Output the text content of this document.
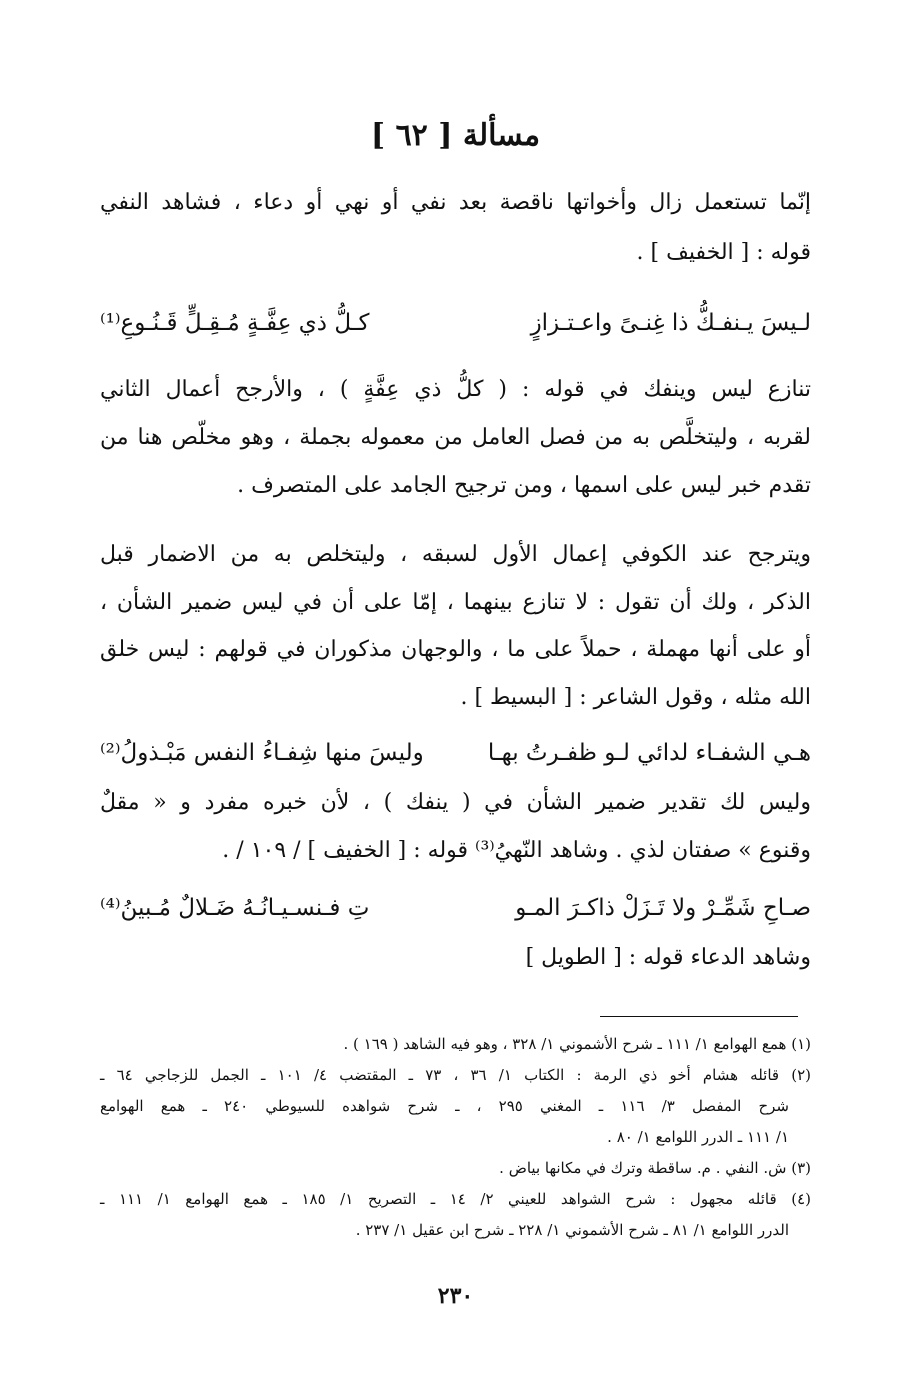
مسألة [ ٦٢ ]
إنّما تستعمل زال وأخواتها ناقصة بعد نفي أو نهي أو دعاء ، فشاهد النفي
قوله : [ الخفيف ] .
لـيسَ يـنفـكُّ ذا غِنـىً واعـتـزازٍ
كـلُّ ذي عِفَّـةٍ مُـقِـلٍّ قَـنُـوعِ⁽¹⁾
تنازع ليس وينفك في قوله : ( كلُّ ذي عِفَّةٍ ) ، والأرجح أعمال الثاني
لقربه ، وليتخلَّص به من فصل العامل من معموله بجملة ، وهو مخلّص هنا من
تقدم خبر ليس على اسمها ، ومن ترجيح الجامد على المتصرف .
ويترجح عند الكوفي إعمال الأول لسبقه ، وليتخلص به من الاضمار قبل
الذكر ، ولك أن تقول : لا تنازع بينهما ، إمّا على أن في ليس ضمير الشأن ،
أو على أنها مهملة ، حملاً على ما ، والوجهان مذكوران في قولهم : ليس خلق
الله مثله ، وقول الشاعر : [ البسيط ] .
هـي الشفـاء لدائي لـو ظفـرتُ بهـا
وليسَ منها شِفـاءُ النفس مَبْـذولُ⁽²⁾
وليس لك تقدير ضمير الشأن في ( ينفك ) ، لأن خبره مفرد و « مقلٌ
وقنوع » صفتان لذي . وشاهد النّهيُ⁽³⁾ قوله : [ الخفيف ] / ١٠٩ / .
صـاحِ شَمِّـرْ ولا تَـزَلْ ذاكـرَ المـو
تِ فـنسـيـانُـهُ ضَـلالٌ مُـبينُ⁽⁴⁾
وشاهد الدعاء قوله : [ الطويل ]
(١) همع الهوامع ١/ ١١١ ـ شرح الأشموني ١/ ٣٢٨ ، وهو فيه الشاهد ( ١٦٩ ) .
(٢) قائله هشام أخو ذي الرمة : الكتاب ١/ ٣٦ ، ٧٣ ـ المقتضب ٤/ ١٠١ ـ الجمل للزجاجي ٦٤ ـ
شرح المفصل ٣/ ١١٦ ـ المغني ٢٩٥ ، ـ شرح شواهده للسيوطي ٢٤٠ ـ همع الهوامع
١/ ١١١ ـ الدرر اللوامع ١/ ٨٠ .
(٣) ش. النفي . م. ساقطة وترك في مكانها بياض .
(٤) قائله مجهول : شرح الشواهد للعيني ٢/ ١٤ ـ التصريح ١/ ١٨٥ ـ همع الهوامع ١/ ١١١ ـ
الدرر اللوامع ١/ ٨١ ـ شرح الأشموني ١/ ٢٢٨ ـ شرح ابن عقيل ١/ ٢٣٧ .
٢٣٠
